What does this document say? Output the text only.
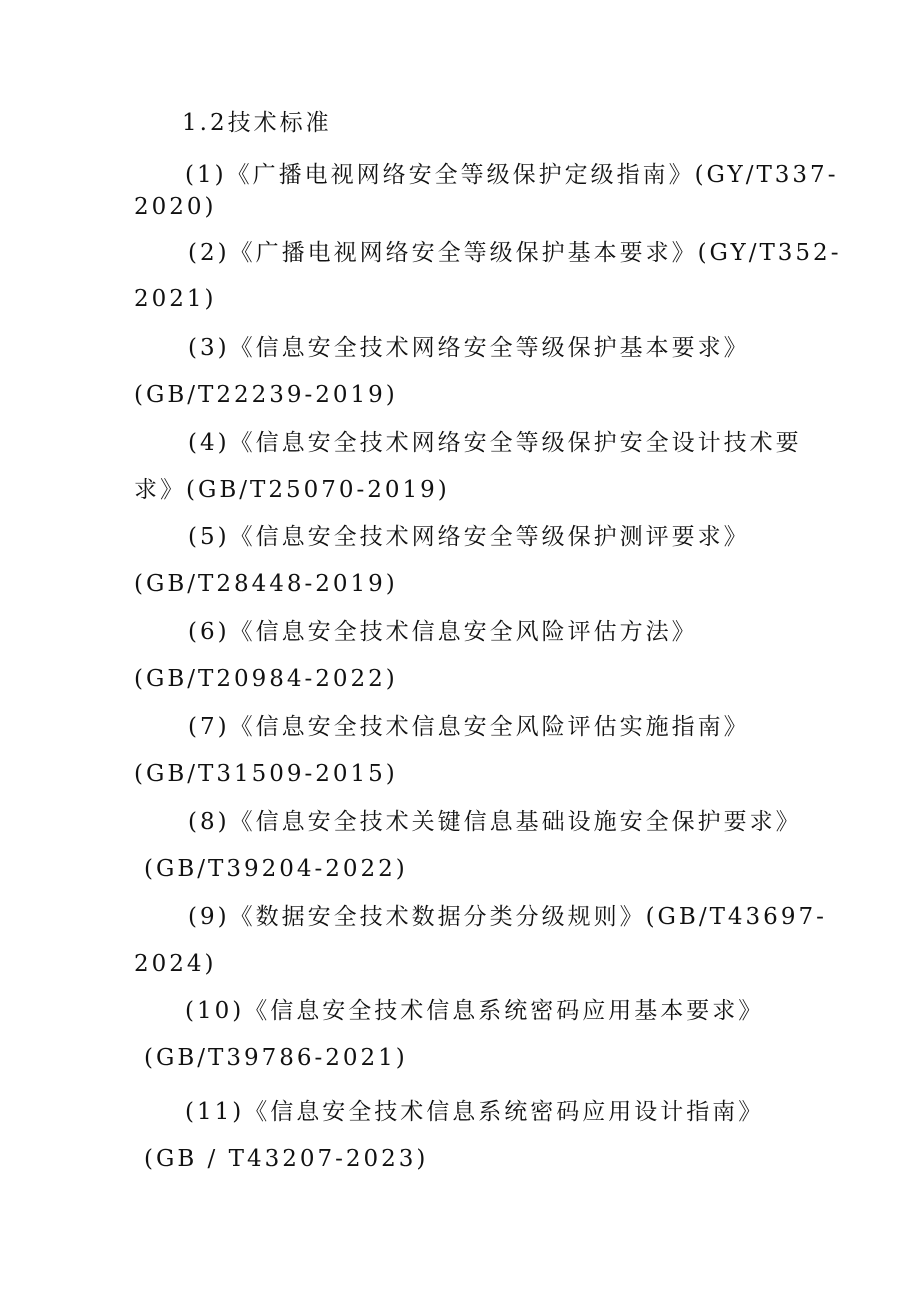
1.2技术标准
(1)《广播电视网络安全等级保护定级指南》(GY/T337-
2020)
(2)《广播电视网络安全等级保护基本要求》(GY/T352-
2021)
(3)《信息安全技术网络安全等级保护基本要求》
(GB/T22239-2019)
(4)《信息安全技术网络安全等级保护安全设计技术要
求》(GB/T25070-2019)
(5)《信息安全技术网络安全等级保护测评要求》
(GB/T28448-2019)
(6)《信息安全技术信息安全风险评估方法》
(GB/T20984-2022)
(7)《信息安全技术信息安全风险评估实施指南》
(GB/T31509-2015)
(8)《信息安全技术关键信息基础设施安全保护要求》
(GB/T39204-2022)
(9)《数据安全技术数据分类分级规则》(GB/T43697-
2024)
(10)《信息安全技术信息系统密码应用基本要求》
(GB/T39786-2021)
(11)《信息安全技术信息系统密码应用设计指南》
(GB / T43207-2023)
